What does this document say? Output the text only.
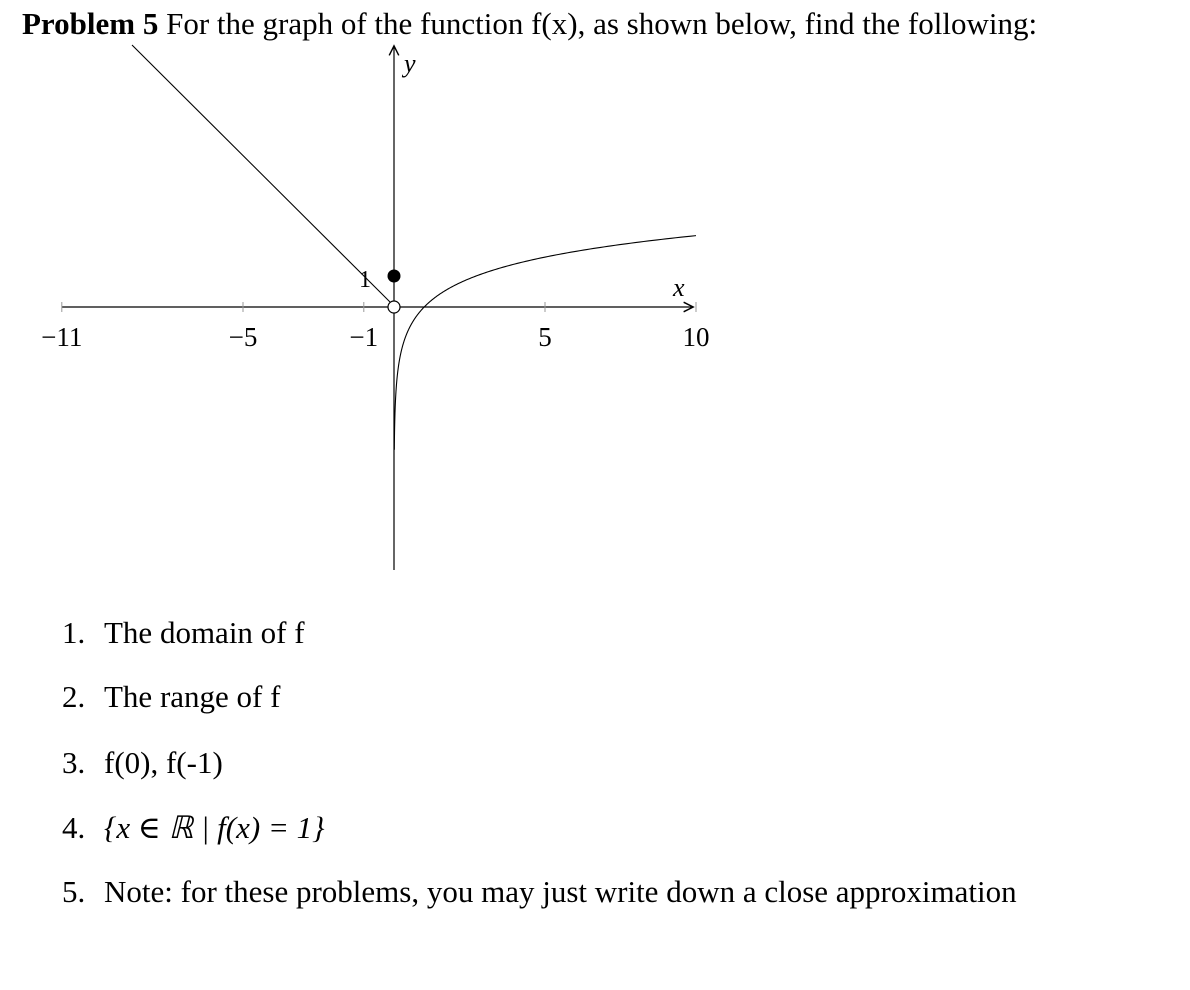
Problem 5 For the graph of the function f(x), as shown below, find the following:
x
y
−11	−5	−1	5	10
1
1. The domain of f
2. The range of f
3. f(0), f(-1)
4. {x ∈ ℝ | f(x) = 1}
5. Note: for these problems, you may just write down a close approximation
